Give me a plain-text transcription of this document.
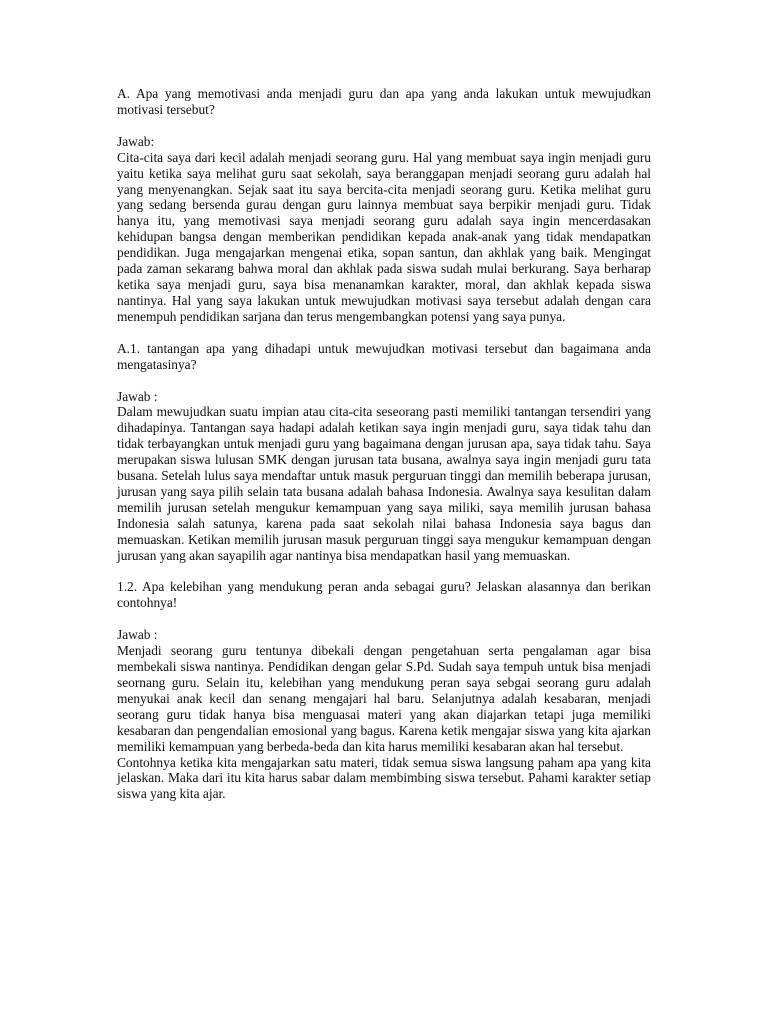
A. Apa yang memotivasi anda menjadi guru dan apa yang anda lakukan untuk mewujudkan motivasi tersebut?

Jawab:

Cita-cita saya dari kecil adalah menjadi seorang guru. Hal yang membuat saya ingin menjadi guru yaitu ketika saya melihat guru saat sekolah, saya beranggapan menjadi seorang guru adalah hal yang menyenangkan. Sejak saat itu saya bercita-cita menjadi seorang guru. Ketika melihat guru yang sedang bersenda gurau dengan guru lainnya membuat saya berpikir menjadi guru. Tidak hanya itu, yang memotivasi saya menjadi seorang guru adalah saya ingin mencerdasakan kehidupan bangsa dengan memberikan pendidikan kepada anak-anak yang tidak mendapatkan pendidikan. Juga mengajarkan mengenai etika, sopan santun, dan akhlak yang baik. Mengingat pada zaman sekarang bahwa moral dan akhlak pada siswa sudah mulai berkurang. Saya berharap ketika saya menjadi guru, saya bisa menanamkan karakter, moral, dan akhlak kepada siswa nantinya. Hal yang saya lakukan untuk mewujudkan motivasi saya tersebut adalah dengan cara menempuh pendidikan sarjana dan terus mengembangkan potensi yang saya punya.

A.1. tantangan apa yang dihadapi untuk mewujudkan motivasi tersebut dan bagaimana anda mengatasinya?

Jawab :

Dalam mewujudkan suatu impian atau cita-cita seseorang pasti memiliki tantangan tersendiri yang dihadapinya. Tantangan saya hadapi adalah ketikan saya ingin menjadi guru, saya tidak tahu dan tidak terbayangkan untuk menjadi guru yang bagaimana dengan jurusan apa, saya tidak tahu. Saya merupakan siswa lulusan SMK dengan jurusan tata busana, awalnya saya ingin menjadi guru tata busana. Setelah lulus saya mendaftar untuk masuk perguruan tinggi dan memilih beberapa jurusan, jurusan yang saya pilih selain tata busana adalah bahasa Indonesia. Awalnya saya kesulitan dalam memilih jurusan setelah mengukur kemampuan yang saya miliki, saya memilih jurusan bahasa Indonesia salah satunya, karena pada saat sekolah nilai bahasa Indonesia saya bagus dan memuaskan. Ketikan memilih jurusan masuk perguruan tinggi saya mengukur kemampuan dengan jurusan yang akan sayapilih agar nantinya bisa mendapatkan hasil yang memuaskan.

1.2. Apa kelebihan yang mendukung peran anda sebagai guru? Jelaskan alasannya dan berikan contohnya!

Jawab :

Menjadi seorang guru tentunya dibekali dengan pengetahuan serta pengalaman agar bisa membekali siswa nantinya. Pendidikan dengan gelar S.Pd. Sudah saya tempuh untuk bisa menjadi seornang guru. Selain itu, kelebihan yang mendukung peran saya sebgai seorang guru adalah menyukai anak kecil dan senang mengajari hal baru. Selanjutnya adalah kesabaran, menjadi seorang guru tidak hanya bisa menguasai materi yang akan diajarkan tetapi juga memiliki kesabaran dan pengendalian emosional yang bagus. Karena ketik mengajar siswa yang kita ajarkan memiliki kemampuan yang berbeda-beda dan kita harus memiliki kesabaran akan hal tersebut.

Contohnya ketika kita mengajarkan satu materi, tidak semua siswa langsung paham apa yang kita jelaskan. Maka dari itu kita harus sabar dalam membimbing siswa tersebut. Pahami karakter setiap siswa yang kita ajar.
